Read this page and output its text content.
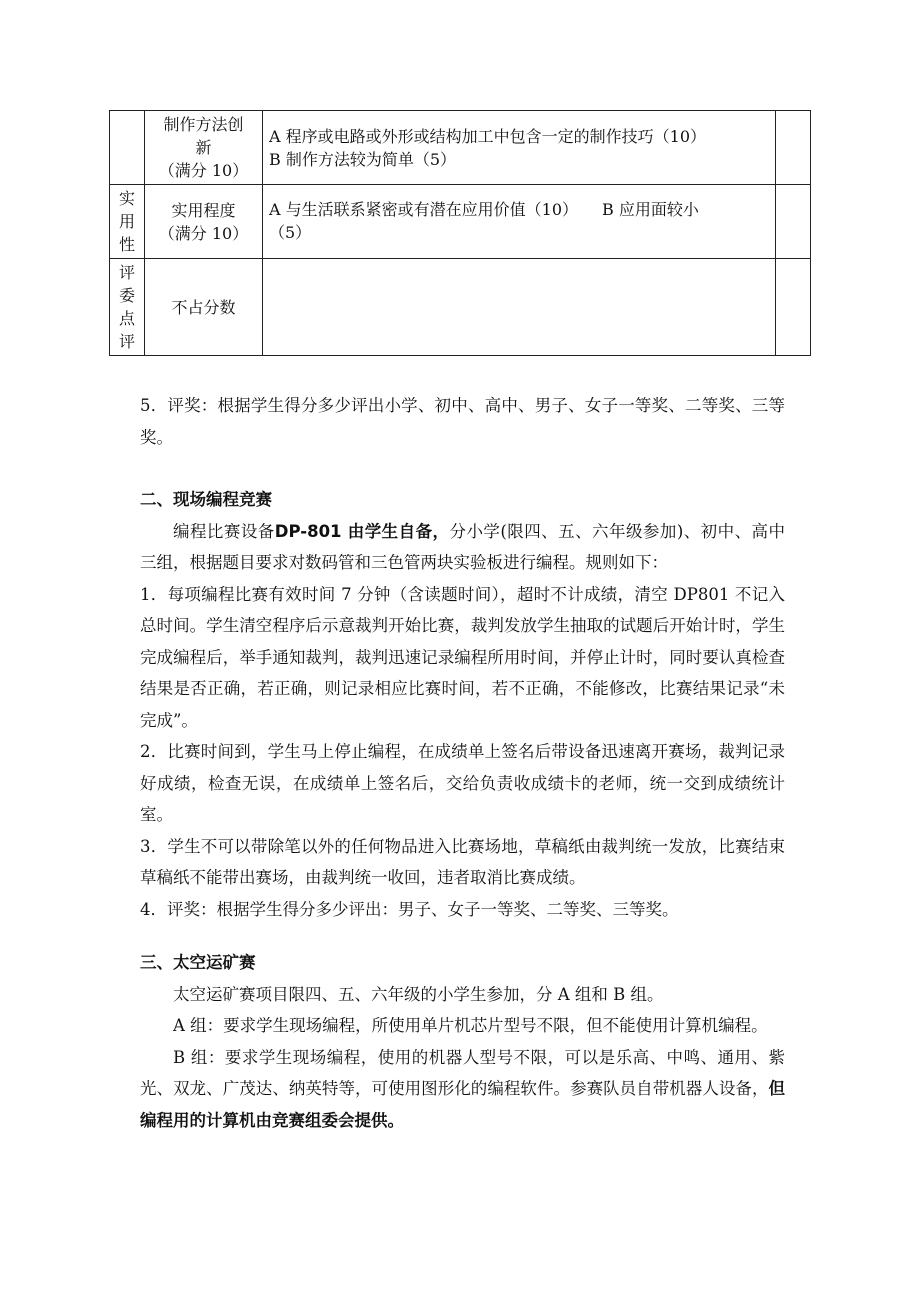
	制作方法创
新
（满分 10）	A 程序或电路或外形或结构加工中包含一定的制作技巧（10）
B 制作方法较为简单（5）	

实
用
性	实用程度
（满分 10）	A 与生活联系紧密或有潜在应用价值（10）　　B 应用面较小
（5）	

评
委
点
评	不占分数		

5．评奖：根据学生得分多少评出小学、初中、高中、男子、女子一等奖、二等奖、三等奖。

二、现场编程竞赛

编程比赛设备DP-801 由学生自备，分小学(限四、五、六年级参加)、初中、高中三组，根据题目要求对数码管和三色管两块实验板进行编程。规则如下：

1．每项编程比赛有效时间 7 分钟（含读题时间），超时不计成绩，清空 DP801 不记入总时间。学生清空程序后示意裁判开始比赛，裁判发放学生抽取的试题后开始计时，学生完成编程后，举手通知裁判，裁判迅速记录编程所用时间，并停止计时，同时要认真检查结果是否正确，若正确，则记录相应比赛时间，若不正确，不能修改，比赛结果记录“未完成”。

2．比赛时间到，学生马上停止编程，在成绩单上签名后带设备迅速离开赛场，裁判记录好成绩，检查无误，在成绩单上签名后，交给负责收成绩卡的老师，统一交到成绩统计室。

3．学生不可以带除笔以外的任何物品进入比赛场地，草稿纸由裁判统一发放，比赛结束草稿纸不能带出赛场，由裁判统一收回，违者取消比赛成绩。

4．评奖：根据学生得分多少评出：男子、女子一等奖、二等奖、三等奖。

三、太空运矿赛

太空运矿赛项目限四、五、六年级的小学生参加，分 A 组和 B 组。

A 组：要求学生现场编程，所使用单片机芯片型号不限，但不能使用计算机编程。

B 组：要求学生现场编程，使用的机器人型号不限，可以是乐高、中鸣、通用、紫光、双龙、广茂达、纳英特等，可使用图形化的编程软件。参赛队员自带机器人设备，但编程用的计算机由竞赛组委会提供。
